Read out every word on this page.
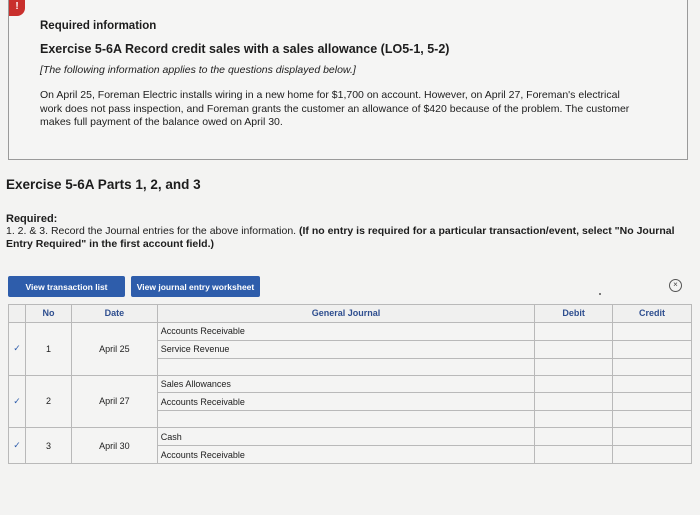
!
Required information
Exercise 5-6A Record credit sales with a sales allowance (LO5-1, 5-2)
[The following information applies to the questions displayed below.]
On April 25, Foreman Electric installs wiring in a new home for $1,700 on account. However, on April 27, Foreman's electrical work does not pass inspection, and Foreman grants the customer an allowance of $420 because of the problem. The customer makes full payment of the balance owed on April 30.
Exercise 5-6A Parts 1, 2, and 3
Required:
1. 2. & 3. Record the Journal entries for the above information. (If no entry is required for a particular transaction/event, select "No Journal Entry Required" in the first account field.)
View transaction list	View journal entry worksheet	×
	No	Date	General Journal	Debit	Credit
✓	1	April 25	Accounts Receivable		
			Service Revenue		

✓	2	April 27	Sales Allowances		
			Accounts Receivable		

✓	3	April 30	Cash		
			Accounts Receivable		
